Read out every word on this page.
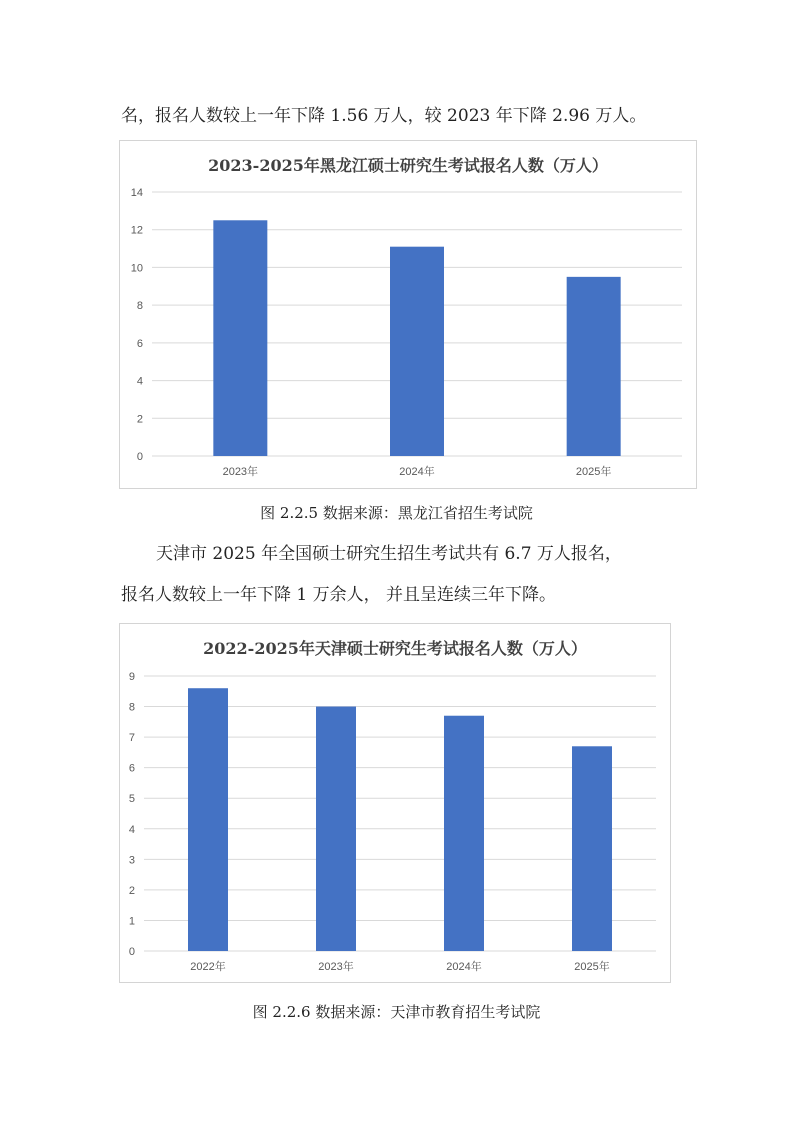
名，报名人数较上一年下降 1.56 万人，较 2023 年下降 2.96 万人。

2023-2025年黑龙江硕士研究生考试报名人数（万人）
0
2
4
6
8
10
12
14
2023年	2024年	2025年
图 2.2.5 数据来源：黑龙江省招生考试院

天津市 2025 年全国硕士研究生招生考试共有 6.7 万人报名，

报名人数较上一年下降 1 万余人， 并且呈连续三年下降。

2022-2025年天津硕士研究生考试报名人数（万人）
0
1
2
3
4
5
6
7
8
9
2022年	2023年	2024年	2025年
图 2.2.6 数据来源：天津市教育招生考试院
